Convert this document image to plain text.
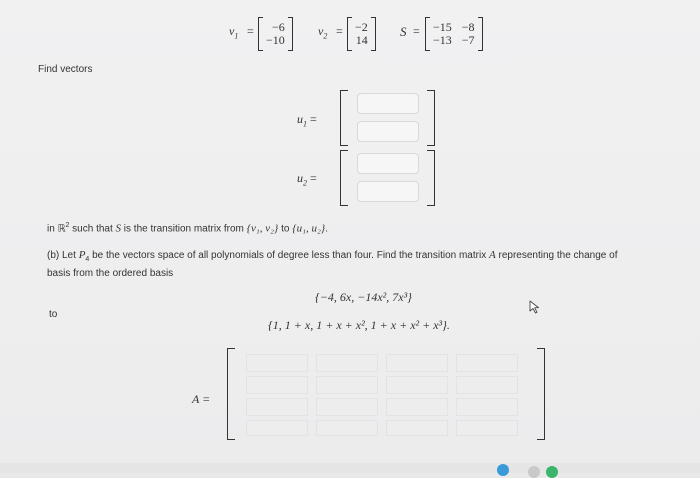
$v_1$ =	−6
−10
$v_2 = -2$
14
S = −15 −8
−13 −7
Find vectors
$u_1$ =
$u_2$ =
in ℝ$^2$ such that S is the transition matrix from {v₁, v₂} to {u₁, u₂}.
(b) Let $P_4$ be the vectors space of all polynomials of degree less than four. Find the transition matrix A representing the change of
basis from the ordered basis
{−4, 6x, −14x², 7x³}
to
{1, 1 + x, 1 + x + x², 1 + x + x² + x³}.
A =
